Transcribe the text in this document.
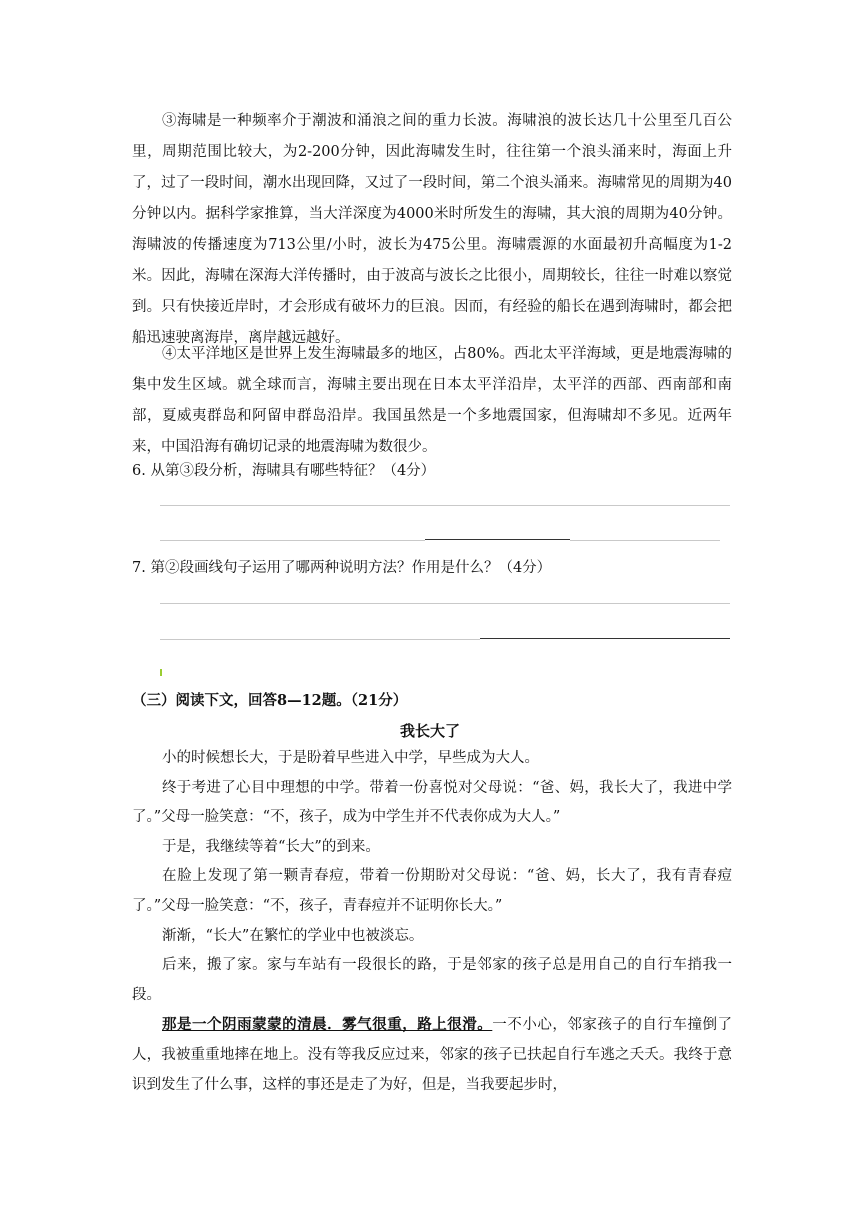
③海啸是一种频率介于潮波和涌浪之间的重力长波。海啸浪的波长达几十公里至几百公里，周期范围比较大，为2-200分钟，因此海啸发生时，往往第一个浪头涌来时，海面上升了，过了一段时间，潮水出现回降，又过了一段时间，第二个浪头涌来。海啸常见的周期为40分钟以内。据科学家推算，当大洋深度为4000米时所发生的海啸，其大浪的周期为40分钟。海啸波的传播速度为713公里/小时，波长为475公里。海啸震源的水面最初升高幅度为1-2米。因此，海啸在深海大洋传播时，由于波高与波长之比很小，周期较长，往往一时难以察觉到。只有快接近岸时，才会形成有破坏力的巨浪。因而，有经验的船长在遇到海啸时，都会把船迅速驶离海岸，离岸越远越好。

④太平洋地区是世界上发生海啸最多的地区，占80%。西北太平洋海域，更是地震海啸的集中发生区域。就全球而言，海啸主要出现在日本太平洋沿岸，太平洋的西部、西南部和南部，夏威夷群岛和阿留申群岛沿岸。我国虽然是一个多地震国家，但海啸却不多见。近两年来，中国沿海有确切记录的地震海啸为数很少。

6. 从第③段分析，海啸具有哪些特征？（4分）

7. 第②段画线句子运用了哪两种说明方法？作用是什么？（4分）

（三）阅读下文，回答8—12题。（21分）

我长大了

小的时候想长大，于是盼着早些进入中学，早些成为大人。

终于考进了心目中理想的中学。带着一份喜悦对父母说：“爸、妈，我长大了，我进中学了。”父母一脸笑意：“不，孩子，成为中学生并不代表你成为大人。”

于是，我继续等着“长大”的到来。

在脸上发现了第一颗青春痘，带着一份期盼对父母说：“爸、妈，长大了，我有青春痘了。”父母一脸笑意：“不，孩子，青春痘并不证明你长大。”

渐渐，“长大”在繁忙的学业中也被淡忘。

后来，搬了家。家与车站有一段很长的路，于是邻家的孩子总是用自己的自行车捎我一段。

那是一个阴雨蒙蒙的清晨．雾气很重，路上很滑。一不小心，邻家孩子的自行车撞倒了人，我被重重地摔在地上。没有等我反应过来，邻家的孩子已扶起自行车逃之夭夭。我终于意识到发生了什么事，这样的事还是走了为好，但是，当我要起步时，
